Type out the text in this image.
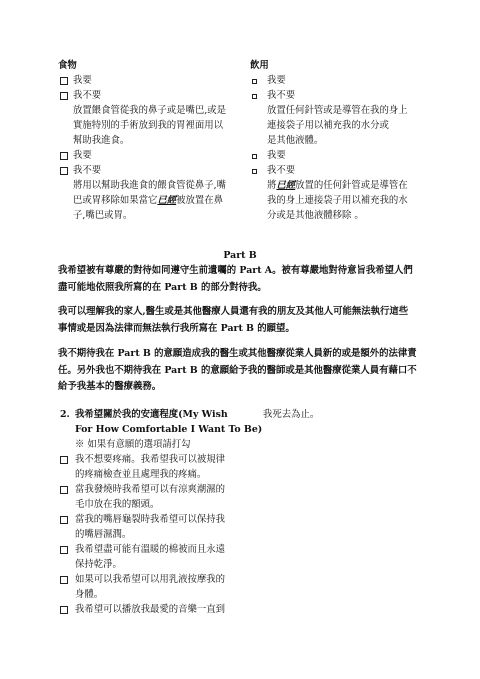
食物
我要
我不要
放置餵食管從我的鼻子或是嘴巴,或是
實施特別的手術放到我的胃裡面用以
幫助我進食。
我要
我不要
將用以幫助我進食的餵食管從鼻子,嘴
巴或胃移除如果當它已經被放置在鼻
子,嘴巴或胃。
飲用
我要
我不要
放置任何針管或是導管在我的身上
連接袋子用以補充我的水分或
是其他液體。
我要
我不要
將已經放置的任何針管或是導管在
我的身上連接袋子用以補充我的水
分或是其他液體移除 。
Part B
我希望被有尊嚴的對待如同遵守生前遺囑的 Part A。被有尊嚴地對待意旨我希望人們
盡可能地依照我所寫的在 Part B 的部分對待我。
我可以理解我的家人,醫生或是其他醫療人員還有我的朋友及其他人可能無法執行這些
事情或是因為法律而無法執行我所寫在 Part B 的願望。
我不期待我在 Part B 的意願造成我的醫生或其他醫療從業人員新的或是額外的法律責
任。另外我也不期待我在 Part B 的意願給予我的醫師或是其他醫療從業人員有藉口不
給予我基本的醫療義務。
2. 我希望關於我的安適程度(My Wish
For How Comfortable I Want To Be)
※ 如果有意願的選項請打勾
我不想要疼痛。我希望我可以被規律
的疼痛檢查並且處理我的疼痛。
當我發燒時我希望可以有涼爽潮濕的
毛巾放在我的額頭。
當我的嘴唇龜裂時我希望可以保持我
的嘴唇濕潤。
我希望盡可能有溫暖的棉被而且永遠
保持乾淨。
如果可以我希望可以用乳液按摩我的
身體。
我希望可以播放我最愛的音樂一直到
我死去為止。
